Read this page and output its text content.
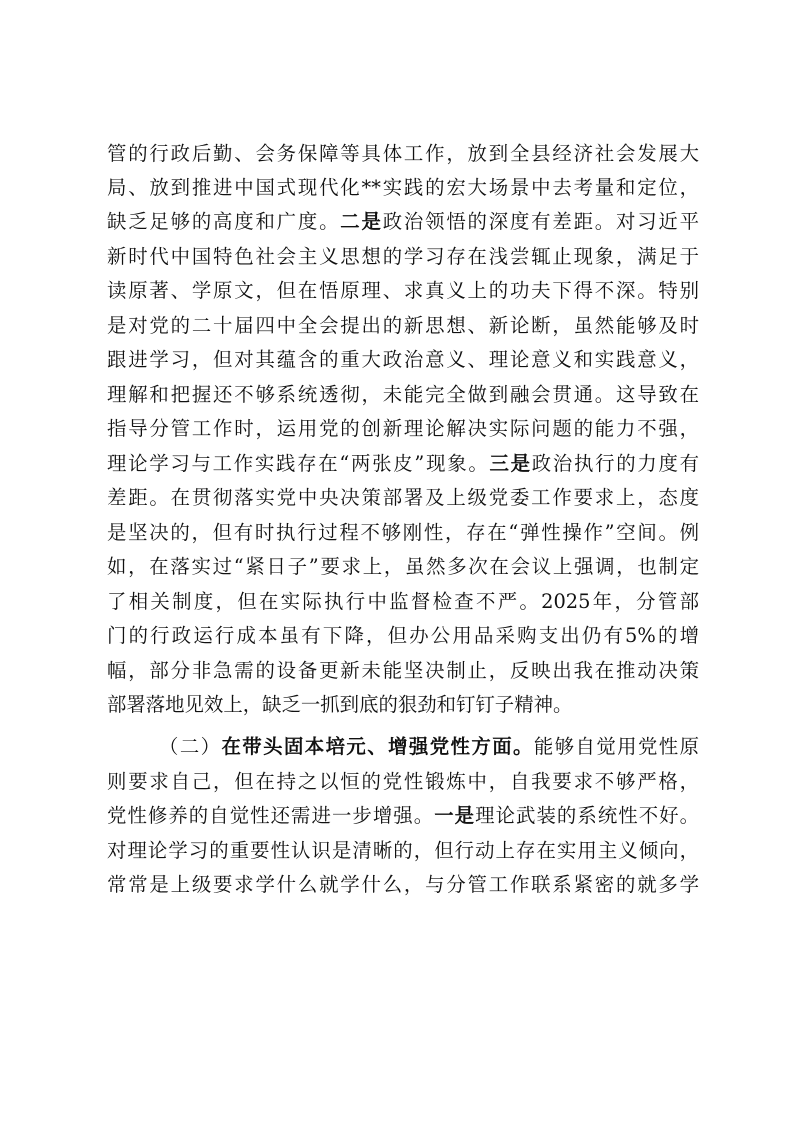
管的行政后勤、会务保障等具体工作，放到全县经济社会发展大
局、放到推进中国式现代化**实践的宏大场景中去考量和定位，
缺乏足够的高度和广度。二是政治领悟的深度有差距。对习近平
新时代中国特色社会主义思想的学习存在浅尝辄止现象，满足于
读原著、学原文，但在悟原理、求真义上的功夫下得不深。特别
是对党的二十届四中全会提出的新思想、新论断，虽然能够及时
跟进学习，但对其蕴含的重大政治意义、理论意义和实践意义，
理解和把握还不够系统透彻，未能完全做到融会贯通。这导致在
指导分管工作时，运用党的创新理论解决实际问题的能力不强，
理论学习与工作实践存在“两张皮”现象。三是政治执行的力度有
差距。在贯彻落实党中央决策部署及上级党委工作要求上，态度
是坚决的，但有时执行过程不够刚性，存在“弹性操作”空间。例
如，在落实过“紧日子”要求上，虽然多次在会议上强调，也制定
了相关制度，但在实际执行中监督检查不严。2025年，分管部
门的行政运行成本虽有下降，但办公用品采购支出仍有5%的增
幅，部分非急需的设备更新未能坚决制止，反映出我在推动决策
部署落地见效上，缺乏一抓到底的狠劲和钉钉子精神。
（二）在带头固本培元、增强党性方面。能够自觉用党性原
则要求自己，但在持之以恒的党性锻炼中，自我要求不够严格，
党性修养的自觉性还需进一步增强。一是理论武装的系统性不好。
对理论学习的重要性认识是清晰的，但行动上存在实用主义倾向，
常常是上级要求学什么就学什么，与分管工作联系紧密的就多学
